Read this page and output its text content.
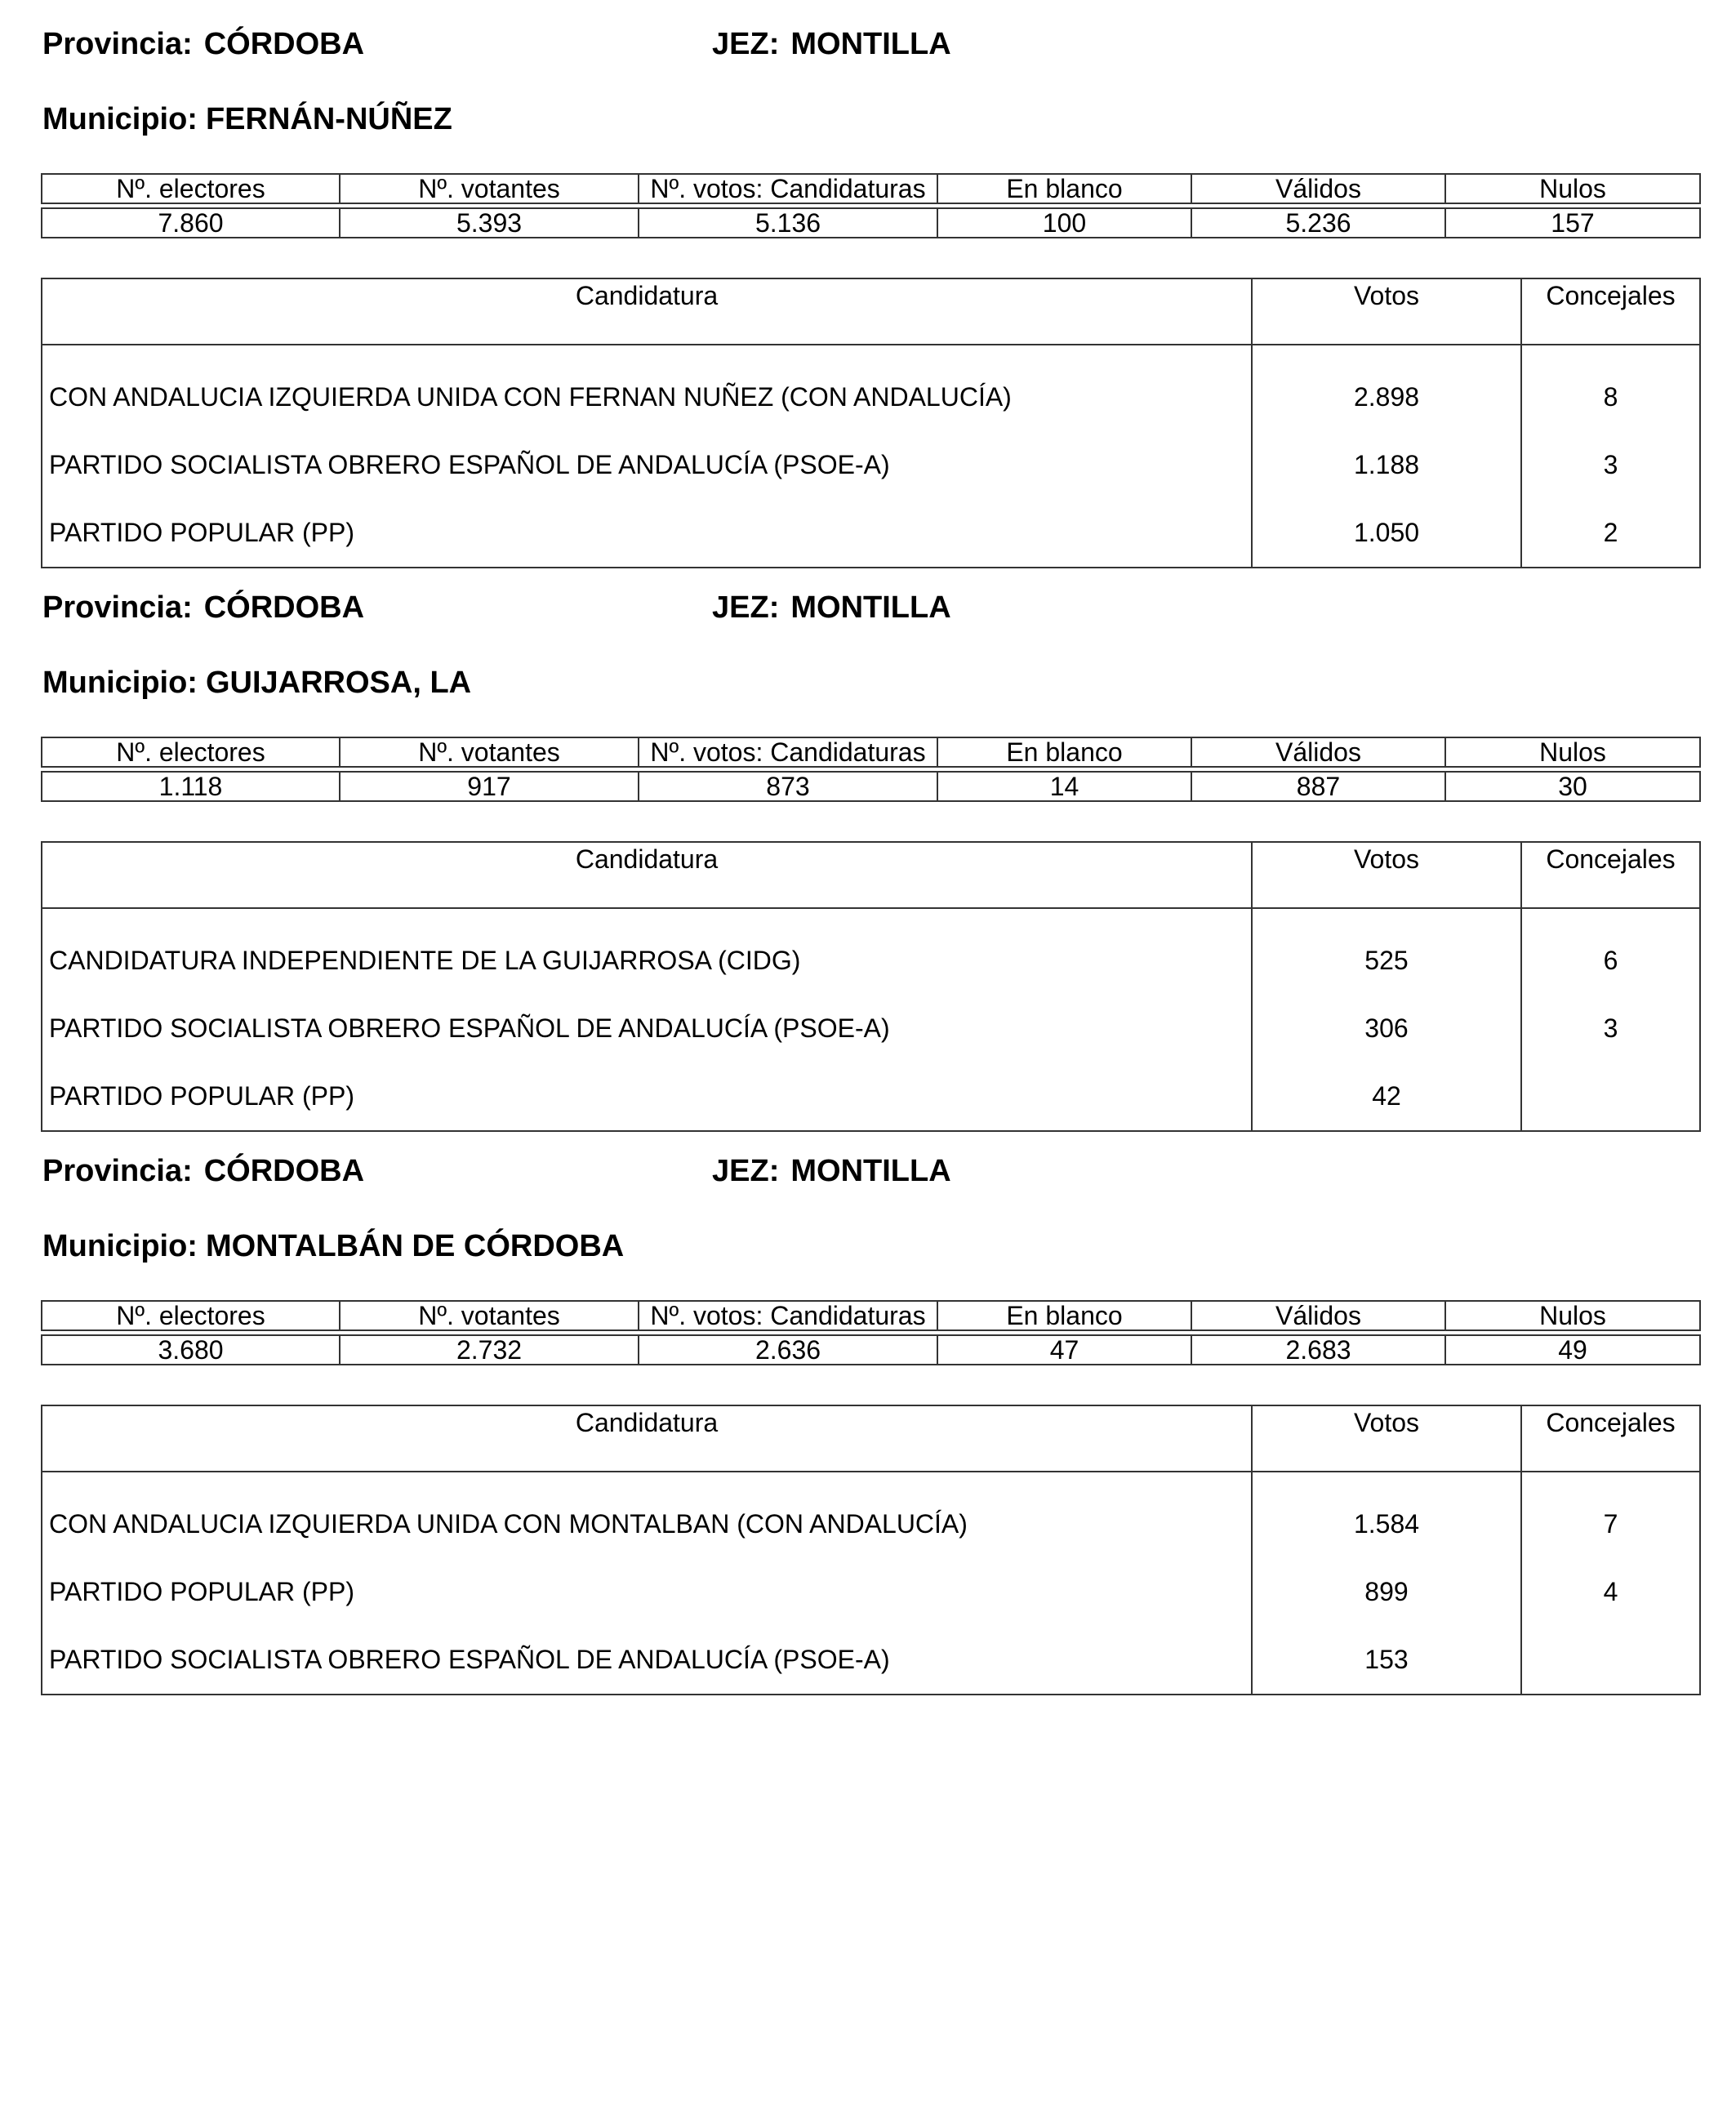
Provincia: CÓRDOBA	JEZ: MONTILLA
Municipio: FERNÁN-NÚÑEZ
Nº. electores	Nº. votantes	Nº. votos: Candidaturas	En blanco	Válidos	Nulos

7.860	5.393	5.136	100	5.236	157
Candidatura	Votos	Concejales
CON ANDALUCIA IZQUIERDA UNIDA CON FERNAN NUÑEZ (CON ANDALUCÍA)	2.898	8
PARTIDO SOCIALISTA OBRERO ESPAÑOL DE ANDALUCÍA (PSOE-A)	1.188	3
PARTIDO POPULAR (PP)	1.050	2
Provincia: CÓRDOBA	JEZ: MONTILLA
Municipio: GUIJARROSA, LA
Nº. electores	Nº. votantes	Nº. votos: Candidaturas	En blanco	Válidos	Nulos

1.118	917	873	14	887	30
Candidatura	Votos	Concejales
CANDIDATURA INDEPENDIENTE DE LA GUIJARROSA (CIDG)	525	6
PARTIDO SOCIALISTA OBRERO ESPAÑOL DE ANDALUCÍA (PSOE-A)	306	3
PARTIDO POPULAR (PP)	42	
Provincia: CÓRDOBA	JEZ: MONTILLA
Municipio: MONTALBÁN DE CÓRDOBA
Nº. electores	Nº. votantes	Nº. votos: Candidaturas	En blanco	Válidos	Nulos

3.680	2.732	2.636	47	2.683	49
Candidatura	Votos	Concejales
CON ANDALUCIA IZQUIERDA UNIDA CON MONTALBAN (CON ANDALUCÍA)	1.584	7
PARTIDO POPULAR (PP)	899	4
PARTIDO SOCIALISTA OBRERO ESPAÑOL DE ANDALUCÍA (PSOE-A)	153	
